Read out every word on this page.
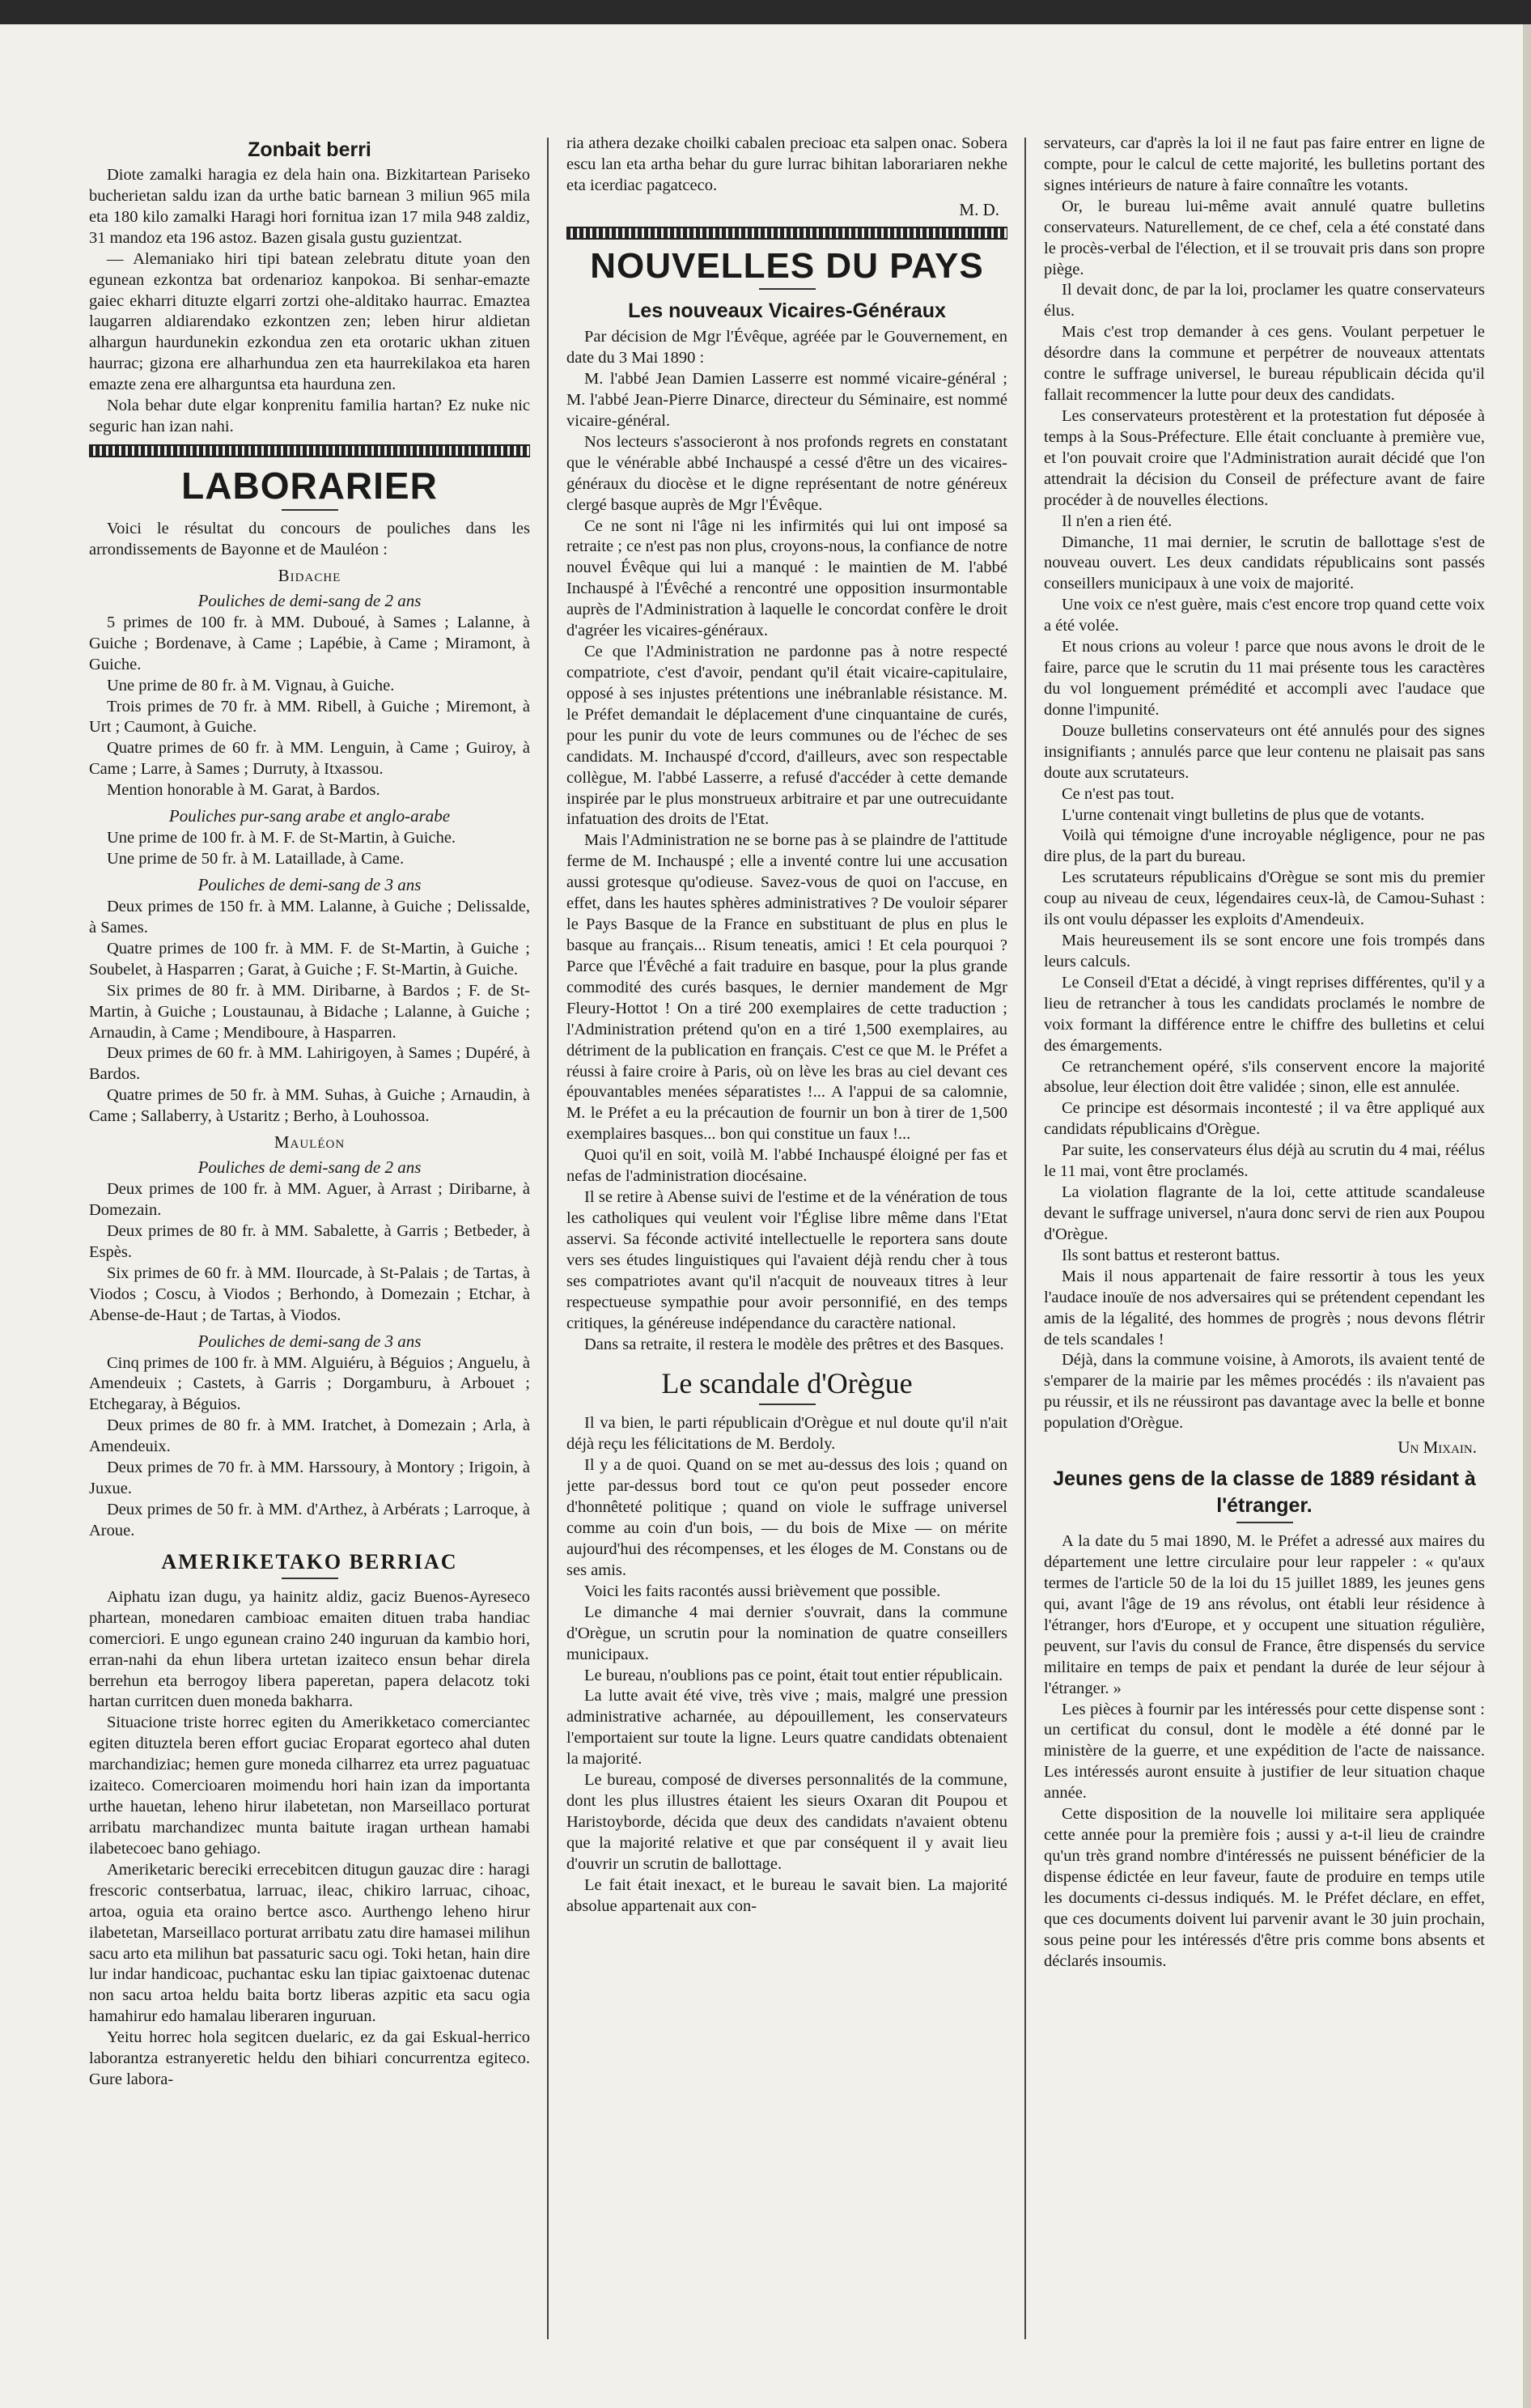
Zonbait berri

Diote zamalki haragia ez dela hain ona. Bizkitartean Pariseko bucherietan saldu izan da urthe batic barnean 3 miliun 965 mila eta 180 kilo zamalki Haragi hori fornitua izan 17 mila 948 zaldiz, 31 mandoz eta 196 astoz. Bazen gisala gustu guzientzat.

— Alemaniako hiri tipi batean zelebratu ditute yoan den egunean ezkontza bat ordenarioz kanpokoa. Bi senhar-emazte gaiec ekharri dituzte elgarri zortzi ohe-alditako haurrac. Emaztea laugarren aldiarendako ezkontzen zen; leben hirur aldietan alhargun haurdunekin ezkondua zen eta orotaric ukhan zituen haurrac; gizona ere alharhundua zen eta haurrekilakoa eta haren emazte zena ere alharguntsa eta haurduna zen.

Nola behar dute elgar konprenitu familia hartan? Ez nuke nic seguric han izan nahi.

LABORARIER

Voici le résultat du concours de pouliches dans les arrondissements de Bayonne et de Mauléon :

Bidache
Pouliches de demi-sang de 2 ans

5 primes de 100 fr. à MM. Duboué, à Sames ; Lalanne, à Guiche ; Bordenave, à Came ; Lapébie, à Came ; Miramont, à Guiche.

Une prime de 80 fr. à M. Vignau, à Guiche.

Trois primes de 70 fr. à MM. Ribell, à Guiche ; Miremont, à Urt ; Caumont, à Guiche.

Quatre primes de 60 fr. à MM. Lenguin, à Came ; Guiroy, à Came ; Larre, à Sames ; Durruty, à Itxassou.

Mention honorable à M. Garat, à Bardos.

Pouliches pur-sang arabe et anglo-arabe

Une prime de 100 fr. à M. F. de St-Martin, à Guiche.

Une prime de 50 fr. à M. Lataillade, à Came.

Pouliches de demi-sang de 3 ans

Deux primes de 150 fr. à MM. Lalanne, à Guiche ; Delissalde, à Sames.

Quatre primes de 100 fr. à MM. F. de St-Martin, à Guiche ; Soubelet, à Hasparren ; Garat, à Guiche ; F. St-Martin, à Guiche.

Six primes de 80 fr. à MM. Diribarne, à Bardos ; F. de St-Martin, à Guiche ; Loustaunau, à Bidache ; Lalanne, à Guiche ; Arnaudin, à Came ; Mendiboure, à Hasparren.

Deux primes de 60 fr. à MM. Lahirigoyen, à Sames ; Dupéré, à Bardos.

Quatre primes de 50 fr. à MM. Suhas, à Guiche ; Arnaudin, à Came ; Sallaberry, à Ustaritz ; Berho, à Louhossoa.

Mauléon
Pouliches de demi-sang de 2 ans

Deux primes de 100 fr. à MM. Aguer, à Arrast ; Diribarne, à Domezain.

Deux primes de 80 fr. à MM. Sabalette, à Garris ; Betbeder, à Espès.

Six primes de 60 fr. à MM. Ilourcade, à St-Palais ; de Tartas, à Viodos ; Coscu, à Viodos ; Berhondo, à Domezain ; Etchar, à Abense-de-Haut ; de Tartas, à Viodos.

Pouliches de demi-sang de 3 ans

Cinq primes de 100 fr. à MM. Alguiéru, à Béguios ; Anguelu, à Amendeuix ; Castets, à Garris ; Dorgamburu, à Arbouet ; Etchegaray, à Béguios.

Deux primes de 80 fr. à MM. Iratchet, à Domezain ; Arla, à Amendeuix.

Deux primes de 70 fr. à MM. Harssoury, à Montory ; Irigoin, à Juxue.

Deux primes de 50 fr. à MM. d'Arthez, à Arbérats ; Larroque, à Aroue.

AMERIKETAKO BERRIAC

Aiphatu izan dugu, ya hainitz aldiz, gaciz Buenos-Ayreseco phartean, monedaren cambioac emaiten dituen traba handiac comerciori. E ungo egunean craino 240 inguruan da kambio hori, erran-nahi da ehun libera urtetan izaiteco ensun behar direla berrehun eta berrogoy libera paperetan, papera delacotz toki hartan curritcen duen moneda bakharra.

Situacione triste horrec egiten du Amerikketaco comerciantec egiten dituztela beren effort guciac Eroparat egorteco ahal duten marchandiziac; hemen gure moneda cilharrez eta urrez paguatuac izaiteco. Comercioaren moimendu hori hain izan da importanta urthe hauetan, leheno hirur ilabetetan, non Marseillaco porturat arribatu marchandizec munta baitute iragan urthean hamabi ilabetecoec bano gehiago.

Ameriketaric bereciki errecebitcen ditugun gauzac dire : haragi frescoric contserbatua, larruac, ileac, chikiro larruac, cihoac, artoa, oguia eta oraino bertce asco. Aurthengo leheno hirur ilabetetan, Marseillaco porturat arribatu zatu dire hamasei milihun sacu arto eta milihun bat passaturic sacu ogi. Toki hetan, hain dire lur indar handicoac, puchantac esku lan tipiac gaixtoenac dutenac non sacu artoa heldu baita bortz liberas azpitic eta sacu ogia hamahirur edo hamalau liberaren inguruan.

Yeitu horrec hola segitcen duelaric, ez da gai Eskual-herrico laborantza estranyeretic heldu den bihiari concurrentza egiteco. Gure labora-

ria athera dezake choilki cabalen precioac eta salpen onac. Sobera escu lan eta artha behar du gure lurrac bihitan laborariaren nekhe eta icerdiac pagatceco.

M. D.
NOUVELLES DU PAYS
Les nouveaux Vicaires-Généraux

Par décision de Mgr l'Évêque, agréée par le Gouvernement, en date du 3 Mai 1890 :

M. l'abbé Jean Damien Lasserre est nommé vicaire-général ; M. l'abbé Jean-Pierre Dinarce, directeur du Séminaire, est nommé vicaire-général.

Nos lecteurs s'associeront à nos profonds regrets en constatant que le vénérable abbé Inchauspé a cessé d'être un des vicaires-généraux du diocèse et le digne représentant de notre généreux clergé basque auprès de Mgr l'Évêque.

Ce ne sont ni l'âge ni les infirmités qui lui ont imposé sa retraite ; ce n'est pas non plus, croyons-nous, la confiance de notre nouvel Évêque qui lui a manqué : le maintien de M. l'abbé Inchauspé à l'Évêché a rencontré une opposition insurmontable auprès de l'Administration à laquelle le concordat confère le droit d'agréer les vicaires-généraux.

Ce que l'Administration ne pardonne pas à notre respecté compatriote, c'est d'avoir, pendant qu'il était vicaire-capitulaire, opposé à ses injustes prétentions une inébranlable résistance. M. le Préfet demandait le déplacement d'une cinquantaine de curés, pour les punir du vote de leurs communes ou de l'échec de ses candidats. M. Inchauspé d'ccord, d'ailleurs, avec son respectable collègue, M. l'abbé Lasserre, a refusé d'accéder à cette demande inspirée par le plus monstrueux arbitraire et par une outrecuidante infatuation des droits de l'Etat.

Mais l'Administration ne se borne pas à se plaindre de l'attitude ferme de M. Inchauspé ; elle a inventé contre lui une accusation aussi grotesque qu'odieuse. Savez-vous de quoi on l'accuse, en effet, dans les hautes sphères administratives ? De vouloir séparer le Pays Basque de la France en substituant de plus en plus le basque au français... Risum teneatis, amici ! Et cela pourquoi ? Parce que l'Évêché a fait traduire en basque, pour la plus grande commodité des curés basques, le dernier mandement de Mgr Fleury-Hottot ! On a tiré 200 exemplaires de cette traduction ; l'Administration prétend qu'on en a tiré 1,500 exemplaires, au détriment de la publication en français. C'est ce que M. le Préfet a réussi à faire croire à Paris, où on lève les bras au ciel devant ces épouvantables menées séparatistes !... A l'appui de sa calomnie, M. le Préfet a eu la précaution de fournir un bon à tirer de 1,500 exemplaires basques... bon qui constitue un faux !...

Quoi qu'il en soit, voilà M. l'abbé Inchauspé éloigné per fas et nefas de l'administration diocésaine.

Il se retire à Abense suivi de l'estime et de la vénération de tous les catholiques qui veulent voir l'Église libre même dans l'Etat asservi. Sa féconde activité intellectuelle le reportera sans doute vers ses études linguistiques qui l'avaient déjà rendu cher à tous ses compatriotes avant qu'il n'acquit de nouveaux titres à leur respectueuse sympathie pour avoir personnifié, en des temps critiques, la généreuse indépendance du caractère national.

Dans sa retraite, il restera le modèle des prêtres et des Basques.

Le scandale d'Orègue

Il va bien, le parti républicain d'Orègue et nul doute qu'il n'ait déjà reçu les félicitations de M. Berdoly.

Il y a de quoi. Quand on se met au-dessus des lois ; quand on jette par-dessus bord tout ce qu'on peut posseder encore d'honnêteté politique ; quand on viole le suffrage universel comme au coin d'un bois, — du bois de Mixe — on mérite aujourd'hui des récompenses, et les éloges de M. Constans ou de ses amis.

Voici les faits racontés aussi brièvement que possible.

Le dimanche 4 mai dernier s'ouvrait, dans la commune d'Orègue, un scrutin pour la nomination de quatre conseillers municipaux.

Le bureau, n'oublions pas ce point, était tout entier républicain.

La lutte avait été vive, très vive ; mais, malgré une pression administrative acharnée, au dépouillement, les conservateurs l'emportaient sur toute la ligne. Leurs quatre candidats obtenaient la majorité.

Le bureau, composé de diverses personnalités de la commune, dont les plus illustres étaient les sieurs Oxaran dit Poupou et Haristoyborde, décida que deux des candidats n'avaient obtenu que la majorité relative et que par conséquent il y avait lieu d'ouvrir un scrutin de ballottage.

Le fait était inexact, et le bureau le savait bien. La majorité absolue appartenait aux con-

servateurs, car d'après la loi il ne faut pas faire entrer en ligne de compte, pour le calcul de cette majorité, les bulletins portant des signes intérieurs de nature à faire connaître les votants.

Or, le bureau lui-même avait annulé quatre bulletins conservateurs. Naturellement, de ce chef, cela a été constaté dans le procès-verbal de l'élection, et il se trouvait pris dans son propre piège.

Il devait donc, de par la loi, proclamer les quatre conservateurs élus.

Mais c'est trop demander à ces gens. Voulant perpetuer le désordre dans la commune et perpétrer de nouveaux attentats contre le suffrage universel, le bureau républicain décida qu'il fallait recommencer la lutte pour deux des candidats.

Les conservateurs protestèrent et la protestation fut déposée à temps à la Sous-Préfecture. Elle était concluante à première vue, et l'on pouvait croire que l'Administration aurait décidé que l'on attendrait la décision du Conseil de préfecture avant de faire procéder à de nouvelles élections.

Il n'en a rien été.

Dimanche, 11 mai dernier, le scrutin de ballottage s'est de nouveau ouvert. Les deux candidats républicains sont passés conseillers municipaux à une voix de majorité.

Une voix ce n'est guère, mais c'est encore trop quand cette voix a été volée.

Et nous crions au voleur ! parce que nous avons le droit de le faire, parce que le scrutin du 11 mai présente tous les caractères du vol longuement prémédité et accompli avec l'audace que donne l'impunité.

Douze bulletins conservateurs ont été annulés pour des signes insignifiants ; annulés parce que leur contenu ne plaisait pas sans doute aux scrutateurs.

Ce n'est pas tout.

L'urne contenait vingt bulletins de plus que de votants.

Voilà qui témoigne d'une incroyable négligence, pour ne pas dire plus, de la part du bureau.

Les scrutateurs républicains d'Orègue se sont mis du premier coup au niveau de ceux, légendaires ceux-là, de Camou-Suhast : ils ont voulu dépasser les exploits d'Amendeuix.

Mais heureusement ils se sont encore une fois trompés dans leurs calculs.

Le Conseil d'Etat a décidé, à vingt reprises différentes, qu'il y a lieu de retrancher à tous les candidats proclamés le nombre de voix formant la différence entre le chiffre des bulletins et celui des émargements.

Ce retranchement opéré, s'ils conservent encore la majorité absolue, leur élection doit être validée ; sinon, elle est annulée.

Ce principe est désormais incontesté ; il va être appliqué aux candidats républicains d'Orègue.

Par suite, les conservateurs élus déjà au scrutin du 4 mai, réélus le 11 mai, vont être proclamés.

La violation flagrante de la loi, cette attitude scandaleuse devant le suffrage universel, n'aura donc servi de rien aux Poupou d'Orègue.

Ils sont battus et resteront battus.

Mais il nous appartenait de faire ressortir à tous les yeux l'audace inouïe de nos adversaires qui se prétendent cependant les amis de la légalité, des hommes de progrès ; nous devons flétrir de tels scandales !

Déjà, dans la commune voisine, à Amorots, ils avaient tenté de s'emparer de la mairie par les mêmes procédés : ils n'avaient pas pu réussir, et ils ne réussiront pas davantage avec la belle et bonne population d'Orègue.

Un Mixain.
Jeunes gens de la classe de 1889 résidant à l'étranger.

A la date du 5 mai 1890, M. le Préfet a adressé aux maires du département une lettre circulaire pour leur rappeler : « qu'aux termes de l'article 50 de la loi du 15 juillet 1889, les jeunes gens qui, avant l'âge de 19 ans révolus, ont établi leur résidence à l'étranger, hors d'Europe, et y occupent une situation régulière, peuvent, sur l'avis du consul de France, être dispensés du service militaire en temps de paix et pendant la durée de leur séjour à l'étranger. »

Les pièces à fournir par les intéressés pour cette dispense sont : un certificat du consul, dont le modèle a été donné par le ministère de la guerre, et une expédition de l'acte de naissance. Les intéressés auront ensuite à justifier de leur situation chaque année.

Cette disposition de la nouvelle loi militaire sera appliquée cette année pour la première fois ; aussi y a-t-il lieu de craindre qu'un très grand nombre d'intéressés ne puissent bénéficier de la dispense édictée en leur faveur, faute de produire en temps utile les documents ci-dessus indiqués. M. le Préfet déclare, en effet, que ces documents doivent lui parvenir avant le 30 juin prochain, sous peine pour les intéressés d'être pris comme bons absents et déclarés insoumis.
